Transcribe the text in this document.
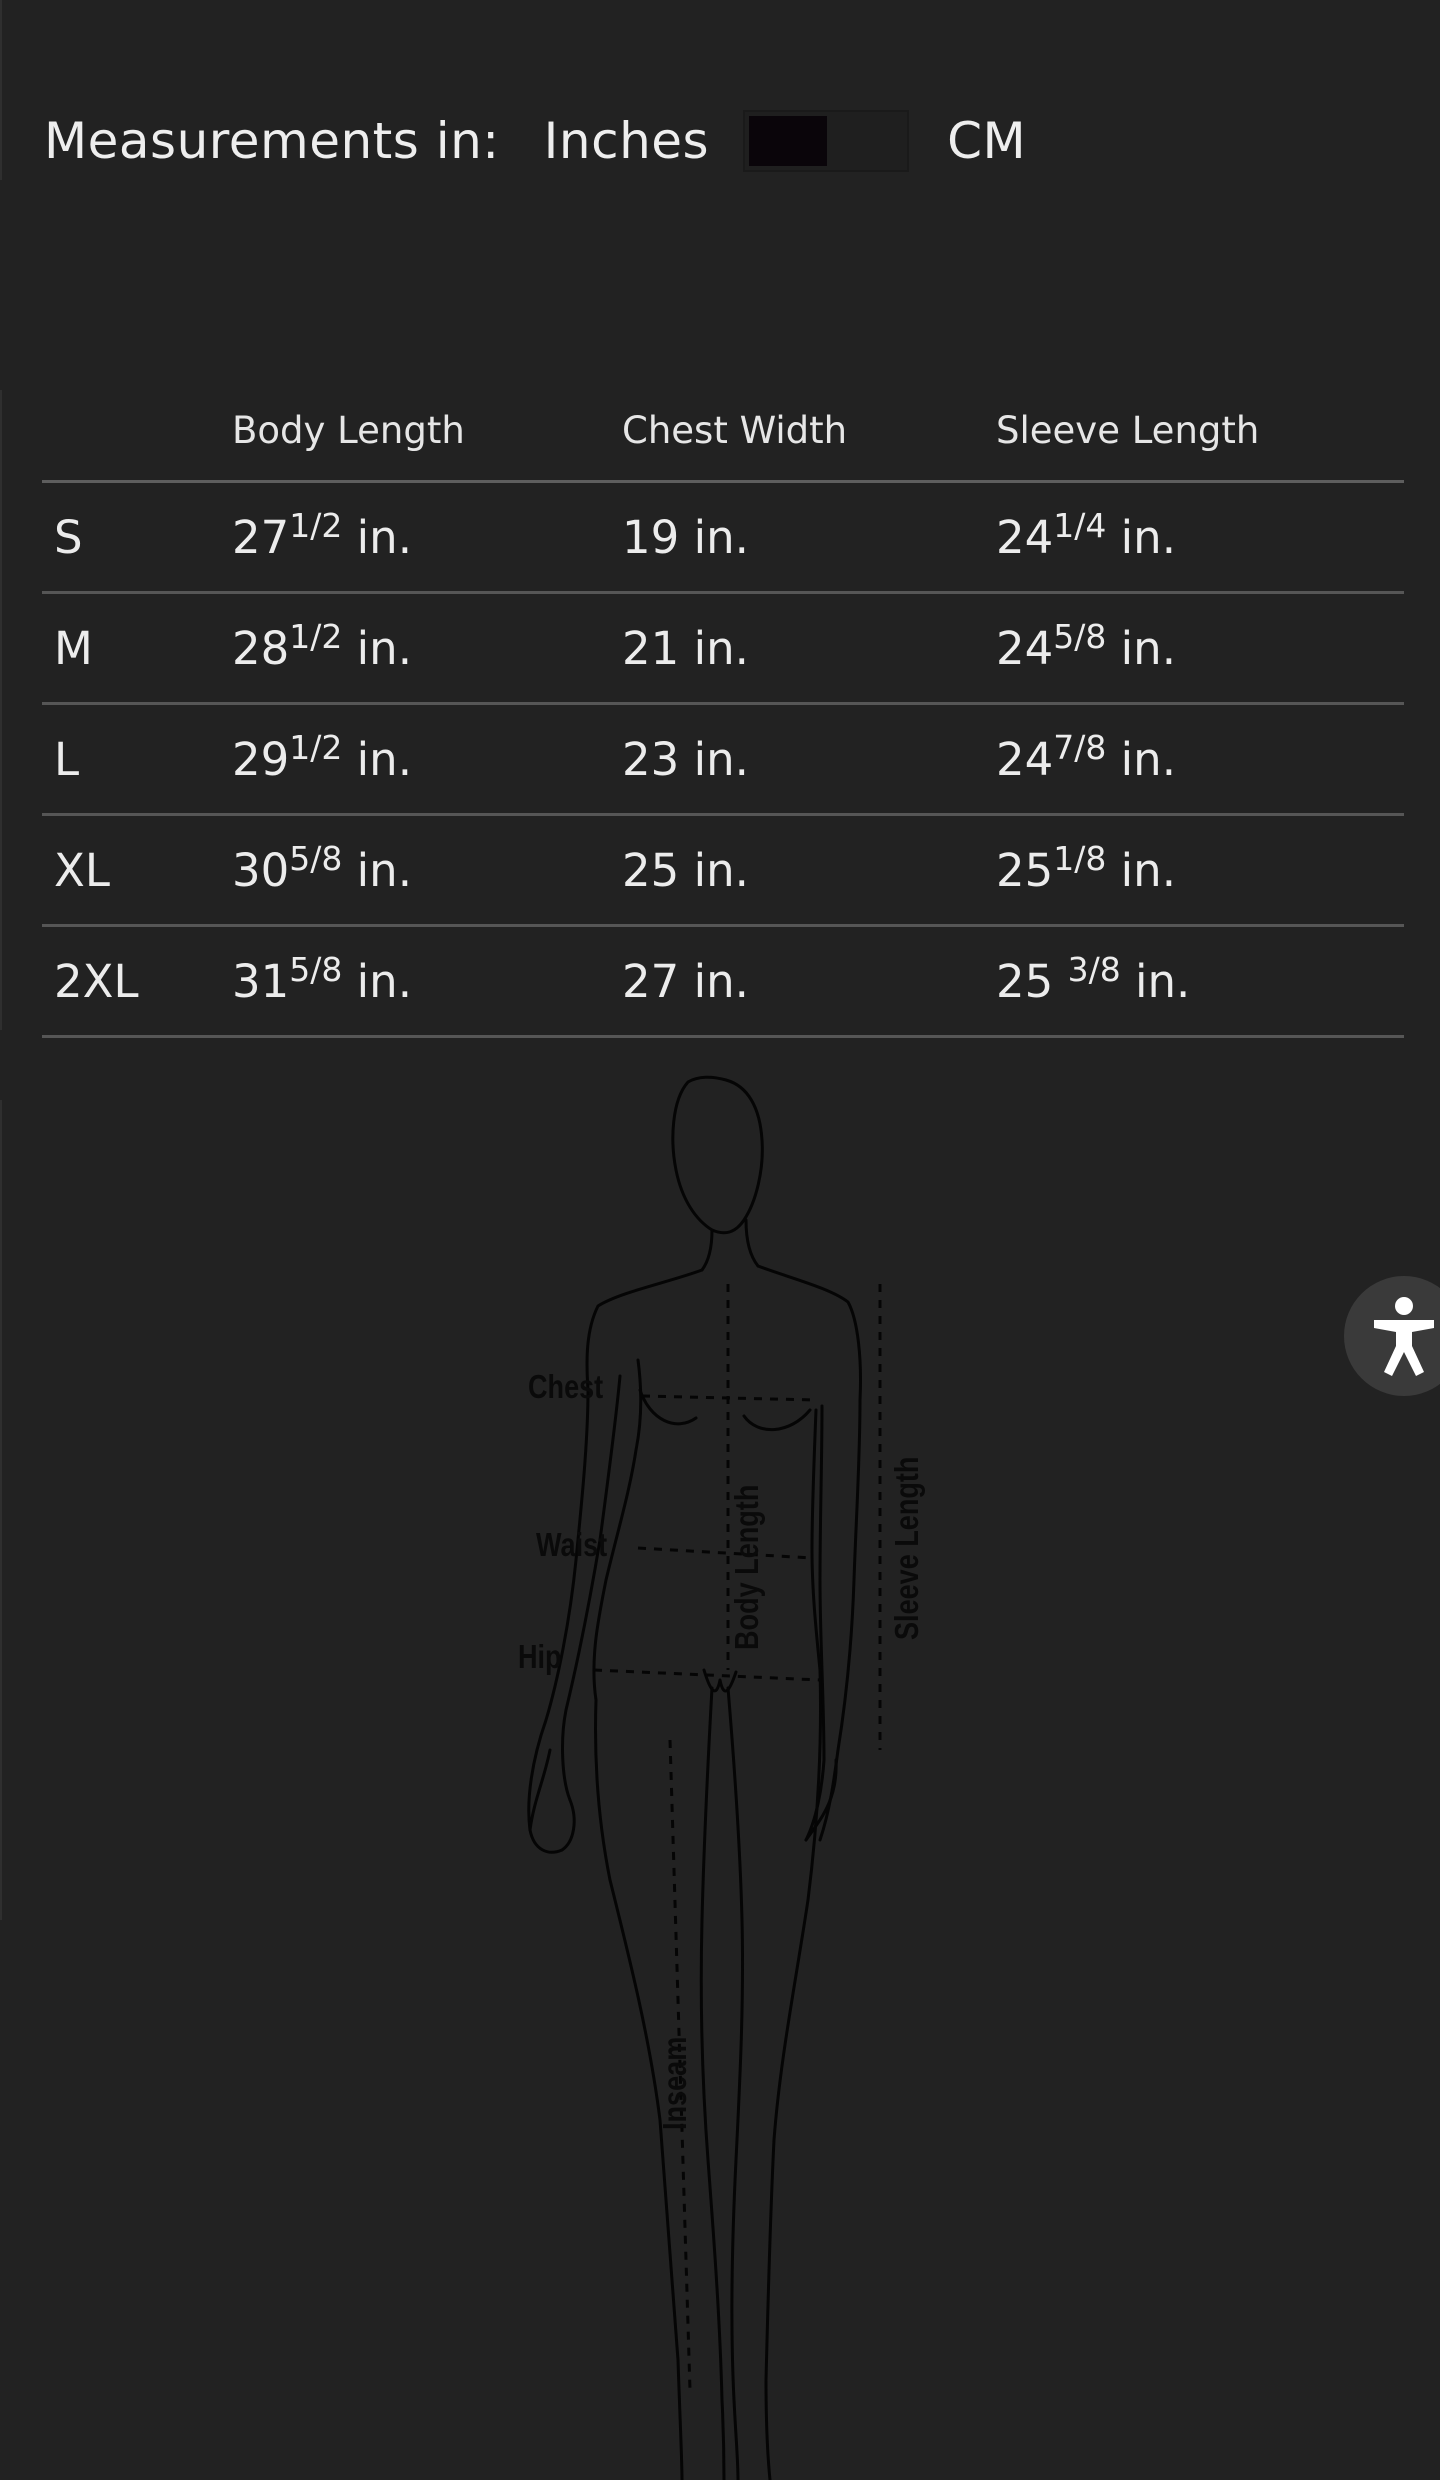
Measurements in: Inches	CM
	Body Length	Chest Width	Sleeve Length
S	$27^{1/2}$ in.	19 in.	$24^{1/4}$ in.
M	$28^{1/2}$ in.	21 in.	$24^{5/8}$ in.
L	$29^{1/2}$ in.	23 in.	$24^{7/8}$ in.
XL	$30^{5/8}$ in.	25 in.	$25^{1/8}$ in.
2XL	$31^{5/8}$ in.	27 in.	25 $^{3/8}$ in.
Chest
Waist
Hip
Body Length	Sleeve Length
Inseam
